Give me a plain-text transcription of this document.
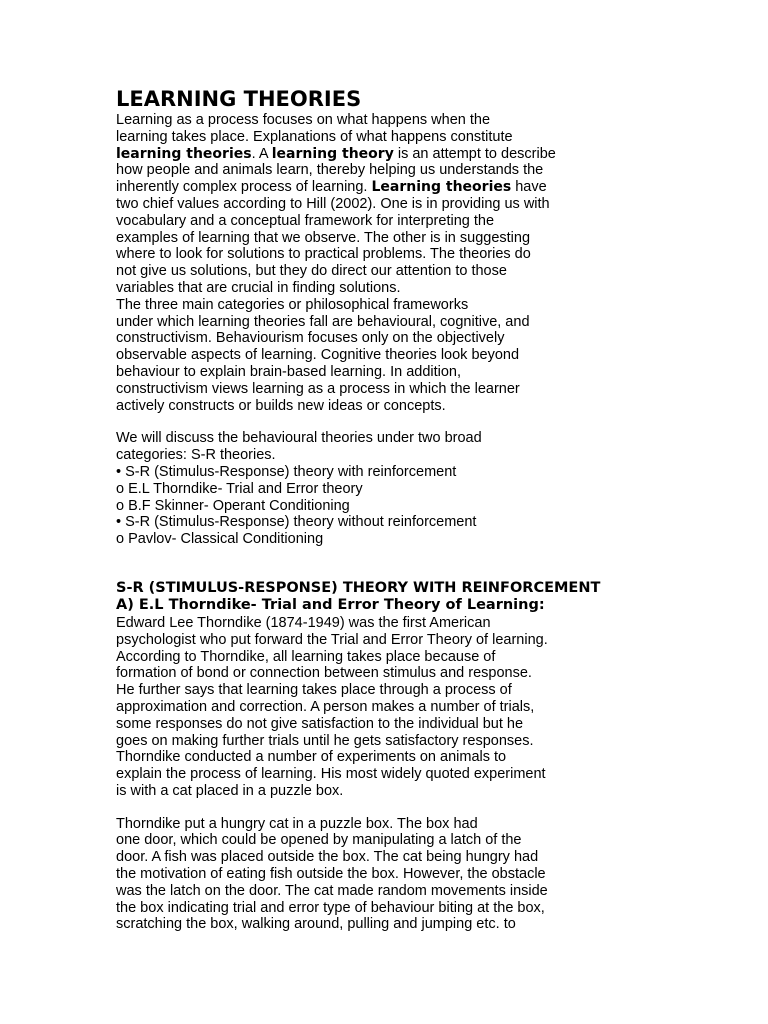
LEARNING THEORIES
Learning as a process focuses on what happens when the
learning takes place. Explanations of what happens constitute
learning theories. A learning theory is an attempt to describe
how people and animals learn, thereby helping us understands the
inherently complex process of learning. Learning theories have
two chief values according to Hill (2002). One is in providing us with
vocabulary and a conceptual framework for interpreting the
examples of learning that we observe. The other is in suggesting
where to look for solutions to practical problems. The theories do
not give us solutions, but they do direct our attention to those
variables that are crucial in finding solutions.
The three main categories or philosophical frameworks
under which learning theories fall are behavioural, cognitive, and
constructivism. Behaviourism focuses only on the objectively
observable aspects of learning. Cognitive theories look beyond
behaviour to explain brain-based learning. In addition,
constructivism views learning as a process in which the learner
actively constructs or builds new ideas or concepts.
We will discuss the behavioural theories under two broad
categories: S-R theories.
• S-R (Stimulus-Response) theory with reinforcement
o E.L Thorndike- Trial and Error theory
o B.F Skinner- Operant Conditioning
• S-R (Stimulus-Response) theory without reinforcement
o Pavlov- Classical Conditioning
S-R (STIMULUS-RESPONSE) THEORY WITH REINFORCEMENT
A) E.L Thorndike- Trial and Error Theory of Learning:
Edward Lee Thorndike (1874-1949) was the first American
psychologist who put forward the Trial and Error Theory of learning.
According to Thorndike, all learning takes place because of
formation of bond or connection between stimulus and response.
He further says that learning takes place through a process of
approximation and correction. A person makes a number of trials,
some responses do not give satisfaction to the individual but he
goes on making further trials until he gets satisfactory responses.
Thorndike conducted a number of experiments on animals to
explain the process of learning. His most widely quoted experiment
is with a cat placed in a puzzle box.
Thorndike put a hungry cat in a puzzle box. The box had
one door, which could be opened by manipulating a latch of the
door. A fish was placed outside the box. The cat being hungry had
the motivation of eating fish outside the box. However, the obstacle
was the latch on the door. The cat made random movements inside
the box indicating trial and error type of behaviour biting at the box,
scratching the box, walking around, pulling and jumping etc. to
